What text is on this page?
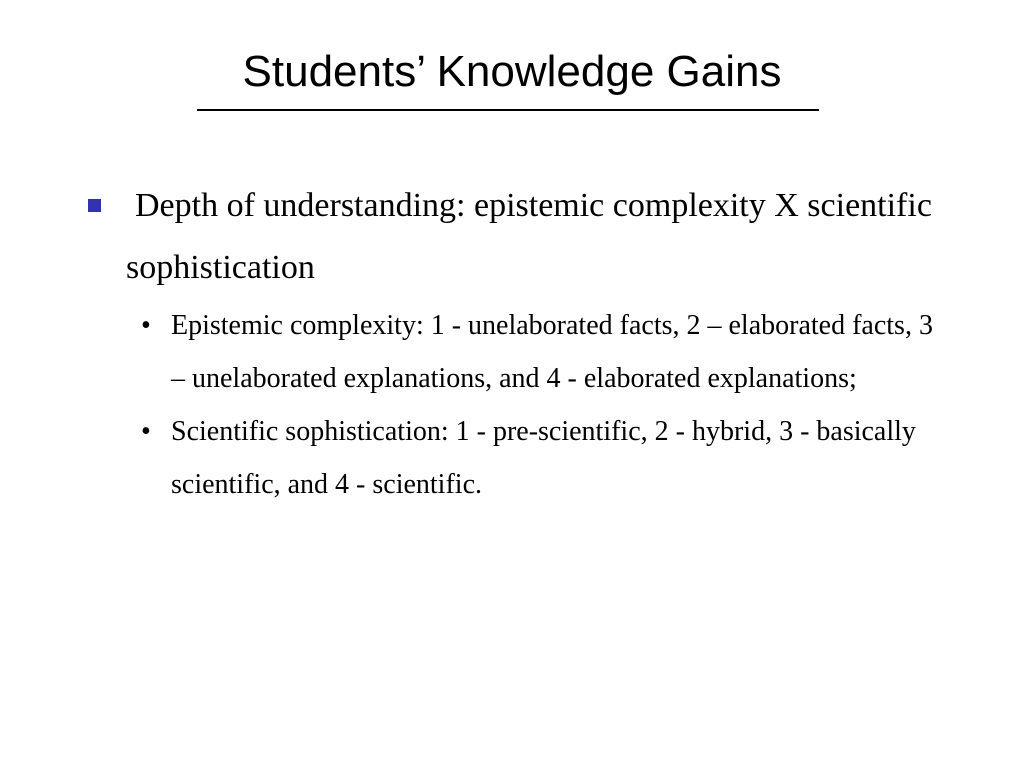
Students’ Knowledge Gains
Depth of understanding: epistemic complexity X scientific sophistication
• Epistemic complexity: 1 - unelaborated facts, 2 – elaborated facts, 3 – unelaborated explanations, and 4 - elaborated explanations;
• Scientific sophistication: 1 - pre-scientific, 2 - hybrid, 3 - basically scientific, and 4 - scientific.
